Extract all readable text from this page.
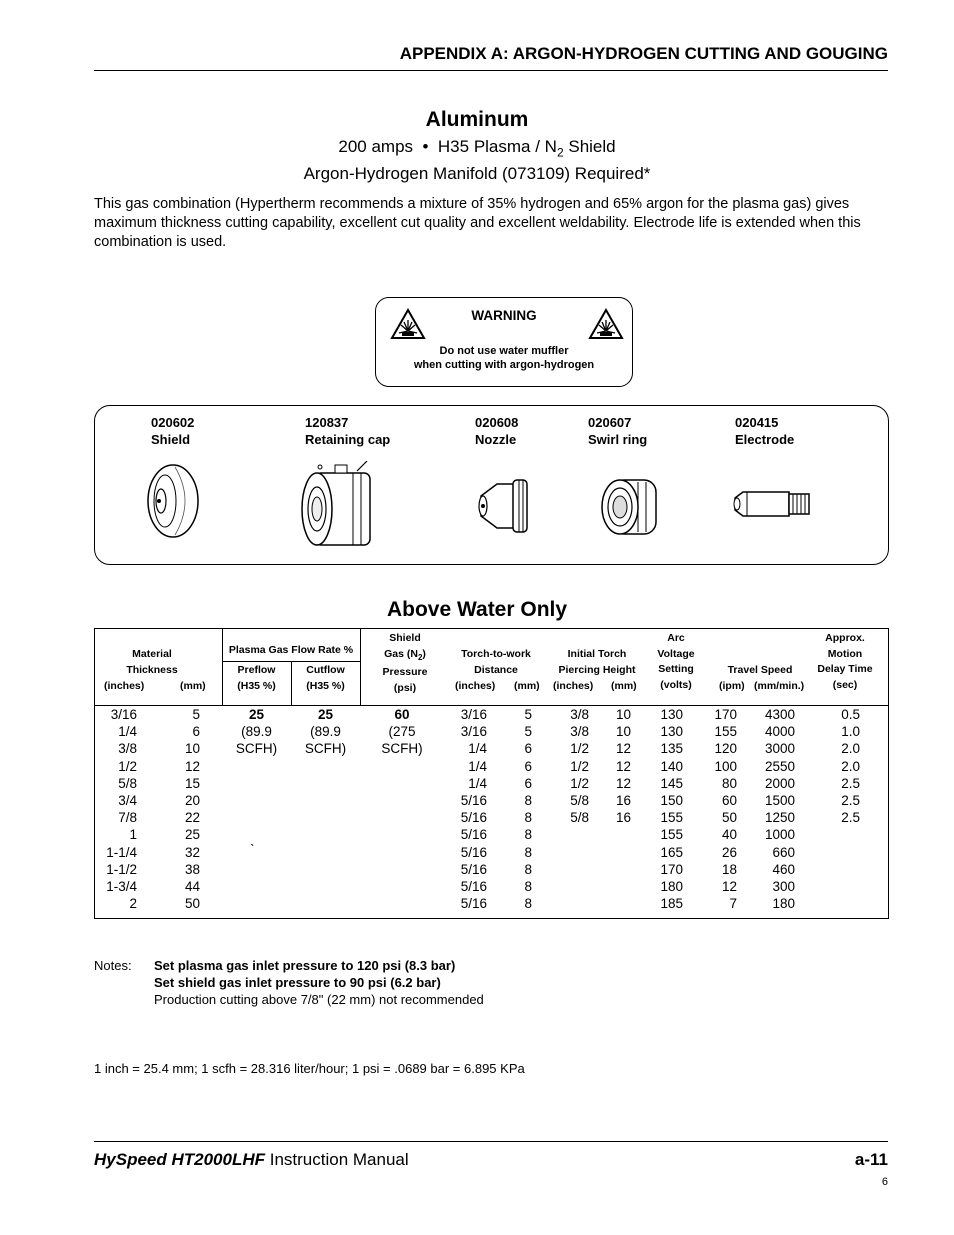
APPENDIX A: ARGON-HYDROGEN CUTTING AND GOUGING
Aluminum
200 amps • H35 Plasma / $N_2$ Shield
Argon-Hydrogen Manifold (073109) Required*
This gas combination (Hypertherm recommends a mixture of 35% hydrogen and 65% argon for the plasma gas) gives maximum thickness cutting capability, excellent cut quality and excellent weldability. Electrode life is extended when this combination is used.
WARNING
Do not use water muffler
when cutting with argon-hydrogen
020602
Shield
120837
Retaining cap
020608
Nozzle
020607
Swirl ring
020415
Electrode
Above Water Only
Material
Thickness
(inches)	(mm)
Plasma Gas Flow Rate %
Preflow
(H35 %)
Cutflow
(H35 %)
Shield
Gas $(N_2)$
Pressure
(psi)
Torch-to-work
Distance
(inches) (mm)
Initial Torch
Piercing Height
(inches) (mm)
Arc
Voltage
Setting
(volts)
Travel Speed
(ipm) (mm/min.)
Approx.
Motion
Delay Time
(sec)
3/16
1/4
3/8
1/2
5/8
3/4
7/8
1
1-1/4
1-1/2
1-3/4
2
5
6
10
12
15
20
22
25
32
38
44
50
25
(89.9
SCFH)
25
(89.9
SCFH)
60
(275
SCFH)
`
3/16
3/16
1/4
1/4
1/4
5/16
5/16
5/16
5/16
5/16
5/16
5/16
5
5
6
6
6
8
8
8
8
8
8
8
3/8
3/8
1/2
1/2
1/2
5/8
5/8
10
10
12
12
12
16
16
130
130
135
140
145
150
155
155
165
170
180
185
170
155
120
100
80
60
50
40
26
18
12
7
4300
4000
3000
2550
2000
1500
1250
1000
660
460
300
180
0.5
1.0
2.0
2.0
2.5
2.5
2.5
Notes: Set plasma gas inlet pressure to 120 psi (8.3 bar)
Set shield gas inlet pressure to 90 psi (6.2 bar)
Production cutting above 7/8" (22 mm) not recommended
1 inch = 25.4 mm; 1 scfh = 28.316 liter/hour; 1 psi = .0689 bar = 6.895 KPa
HySpeed HT2000LHF Instruction Manual	a-11
6
